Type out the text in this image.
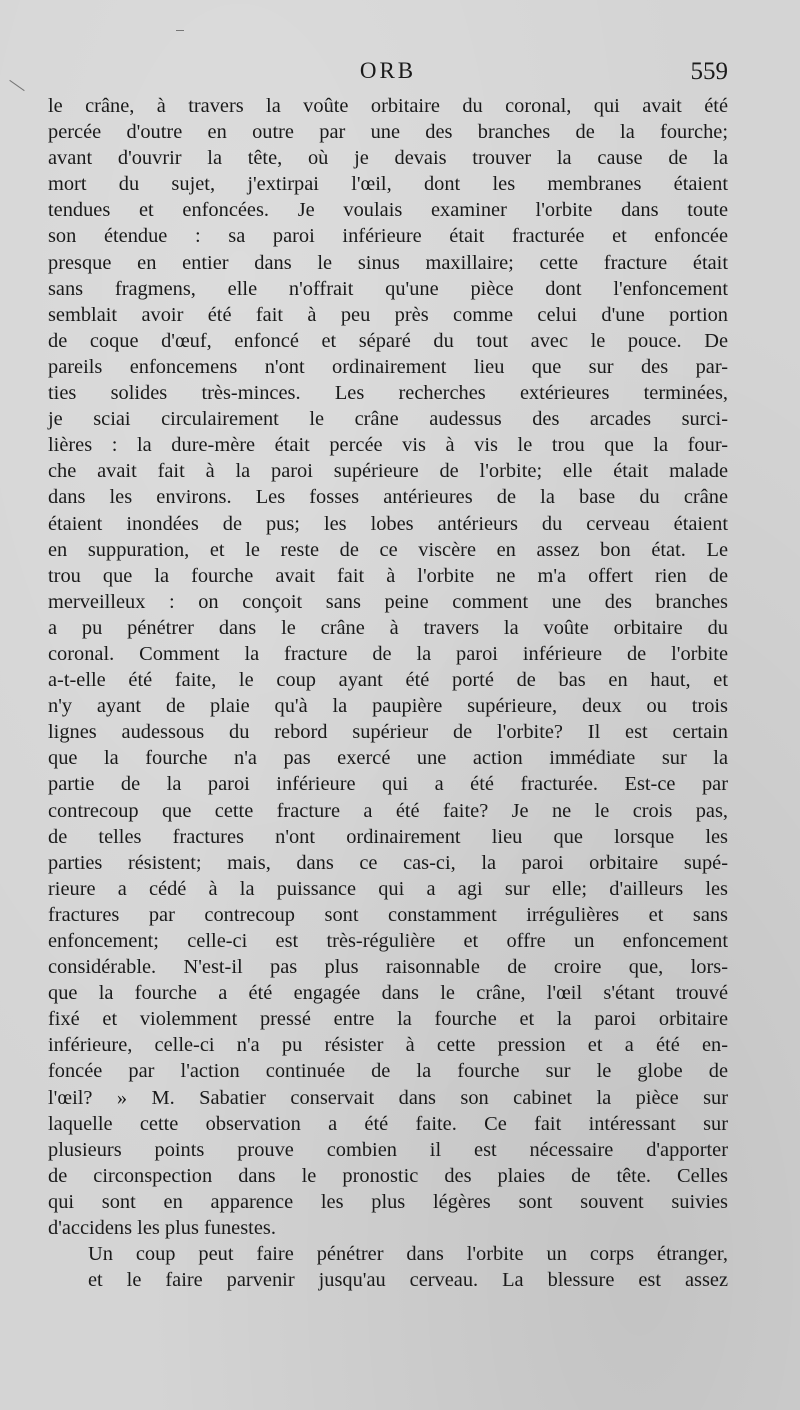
ORB	559

le crâne, à travers la voûte orbitaire du coronal, qui avait été
percée d'outre en outre par une des branches de la fourche;
avant d'ouvrir la tête, où je devais trouver la cause de la
mort du sujet, j'extirpai l'œil, dont les membranes étaient
tendues et enfoncées. Je voulais examiner l'orbite dans toute
son étendue : sa paroi inférieure était fracturée et enfoncée
presque en entier dans le sinus maxillaire; cette fracture était
sans fragmens, elle n'offrait qu'une pièce dont l'enfoncement
semblait avoir été fait à peu près comme celui d'une portion
de coque d'œuf, enfoncé et séparé du tout avec le pouce. De
pareils enfoncemens n'ont ordinairement lieu que sur des par-
ties solides très-minces. Les recherches extérieures terminées,
je sciai circulairement le crâne audessus des arcades surci-
lières : la dure-mère était percée vis à vis le trou que la four-
che avait fait à la paroi supérieure de l'orbite; elle était malade
dans les environs. Les fosses antérieures de la base du crâne
étaient inondées de pus; les lobes antérieurs du cerveau étaient
en suppuration, et le reste de ce viscère en assez bon état. Le
trou que la fourche avait fait à l'orbite ne m'a offert rien de
merveilleux : on conçoit sans peine comment une des branches
a pu pénétrer dans le crâne à travers la voûte orbitaire du
coronal. Comment la fracture de la paroi inférieure de l'orbite
a-t-elle été faite, le coup ayant été porté de bas en haut, et
n'y ayant de plaie qu'à la paupière supérieure, deux ou trois
lignes audessous du rebord supérieur de l'orbite? Il est certain
que la fourche n'a pas exercé une action immédiate sur la
partie de la paroi inférieure qui a été fracturée. Est-ce par
contrecoup que cette fracture a été faite? Je ne le crois pas,
de telles fractures n'ont ordinairement lieu que lorsque les
parties résistent; mais, dans ce cas-ci, la paroi orbitaire supé-
rieure a cédé à la puissance qui a agi sur elle; d'ailleurs les
fractures par contrecoup sont constamment irrégulières et sans
enfoncement; celle-ci est très-régulière et offre un enfoncement
considérable. N'est-il pas plus raisonnable de croire que, lors-
que la fourche a été engagée dans le crâne, l'œil s'étant trouvé
fixé et violemment pressé entre la fourche et la paroi orbitaire
inférieure, celle-ci n'a pu résister à cette pression et a été en-
foncée par l'action continuée de la fourche sur le globe de
l'œil? » M. Sabatier conservait dans son cabinet la pièce sur
laquelle cette observation a été faite. Ce fait intéressant sur
plusieurs points prouve combien il est nécessaire d'apporter
de circonspection dans le pronostic des plaies de tête. Celles
qui sont en apparence les plus légères sont souvent suivies
d'accidens les plus funestes.

Un coup peut faire pénétrer dans l'orbite un corps étranger,
et le faire parvenir jusqu'au cerveau. La blessure est assez
